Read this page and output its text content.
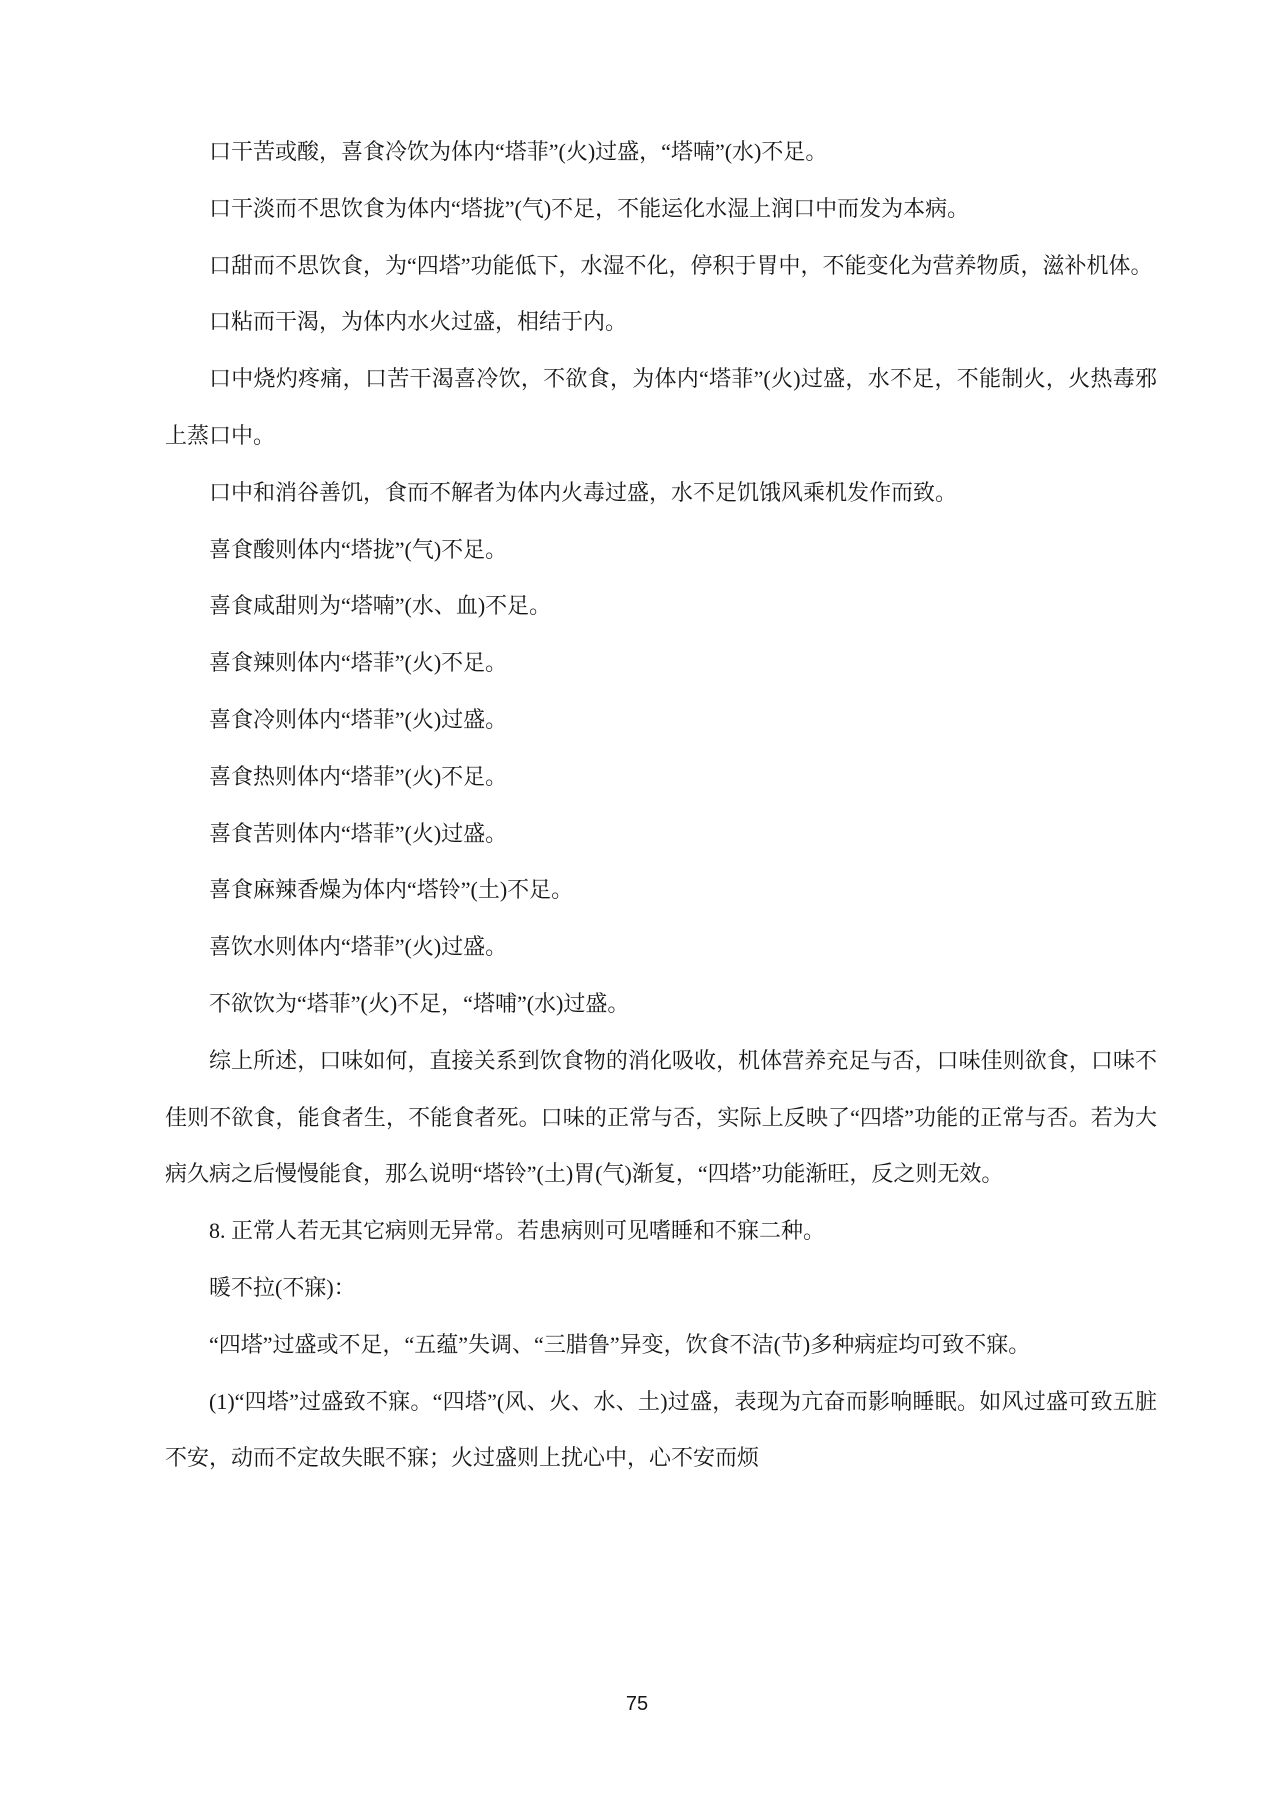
口干苦或酸，喜食冷饮为体内“塔菲”(火)过盛，“塔喃”(水)不足。

口干淡而不思饮食为体内“塔拢”(气)不足，不能运化水湿上润口中而发为本病。

口甜而不思饮食，为“四塔”功能低下，水湿不化，停积于胃中，不能变化为营养物质，滋补机体。

口粘而干渴，为体内水火过盛，相结于内。

口中烧灼疼痛，口苦干渴喜冷饮，不欲食，为体内“塔菲”(火)过盛，水不足，不能制火，火热毒邪上蒸口中。

口中和消谷善饥，食而不解者为体内火毒过盛，水不足饥饿风乘机发作而致。

喜食酸则体内“塔拢”(气)不足。

喜食咸甜则为“塔喃”(水、血)不足。

喜食辣则体内“塔菲”(火)不足。

喜食冷则体内“塔菲”(火)过盛。

喜食热则体内“塔菲”(火)不足。

喜食苦则体内“塔菲”(火)过盛。

喜食麻辣香燥为体内“塔铃”(土)不足。

喜饮水则体内“塔菲”(火)过盛。

不欲饮为“塔菲”(火)不足，“塔哺”(水)过盛。

综上所述，口味如何，直接关系到饮食物的消化吸收，机体营养充足与否，口味佳则欲食，口味不佳则不欲食，能食者生，不能食者死。口味的正常与否，实际上反映了“四塔”功能的正常与否。若为大病久病之后慢慢能食，那么说明“塔铃”(土)胃(气)渐复，“四塔”功能渐旺，反之则无效。

8. 正常人若无其它病则无异常。若患病则可见嗜睡和不寐二种。

暖不拉(不寐)：

“四塔”过盛或不足，“五蕴”失调、“三腊鲁”异变，饮食不洁(节)多种病症均可致不寐。

(1)“四塔”过盛致不寐。“四塔”(风、火、水、土)过盛，表现为亢奋而影响睡眠。如风过盛可致五脏不安，动而不定故失眠不寐；火过盛则上扰心中，心不安而烦

75
